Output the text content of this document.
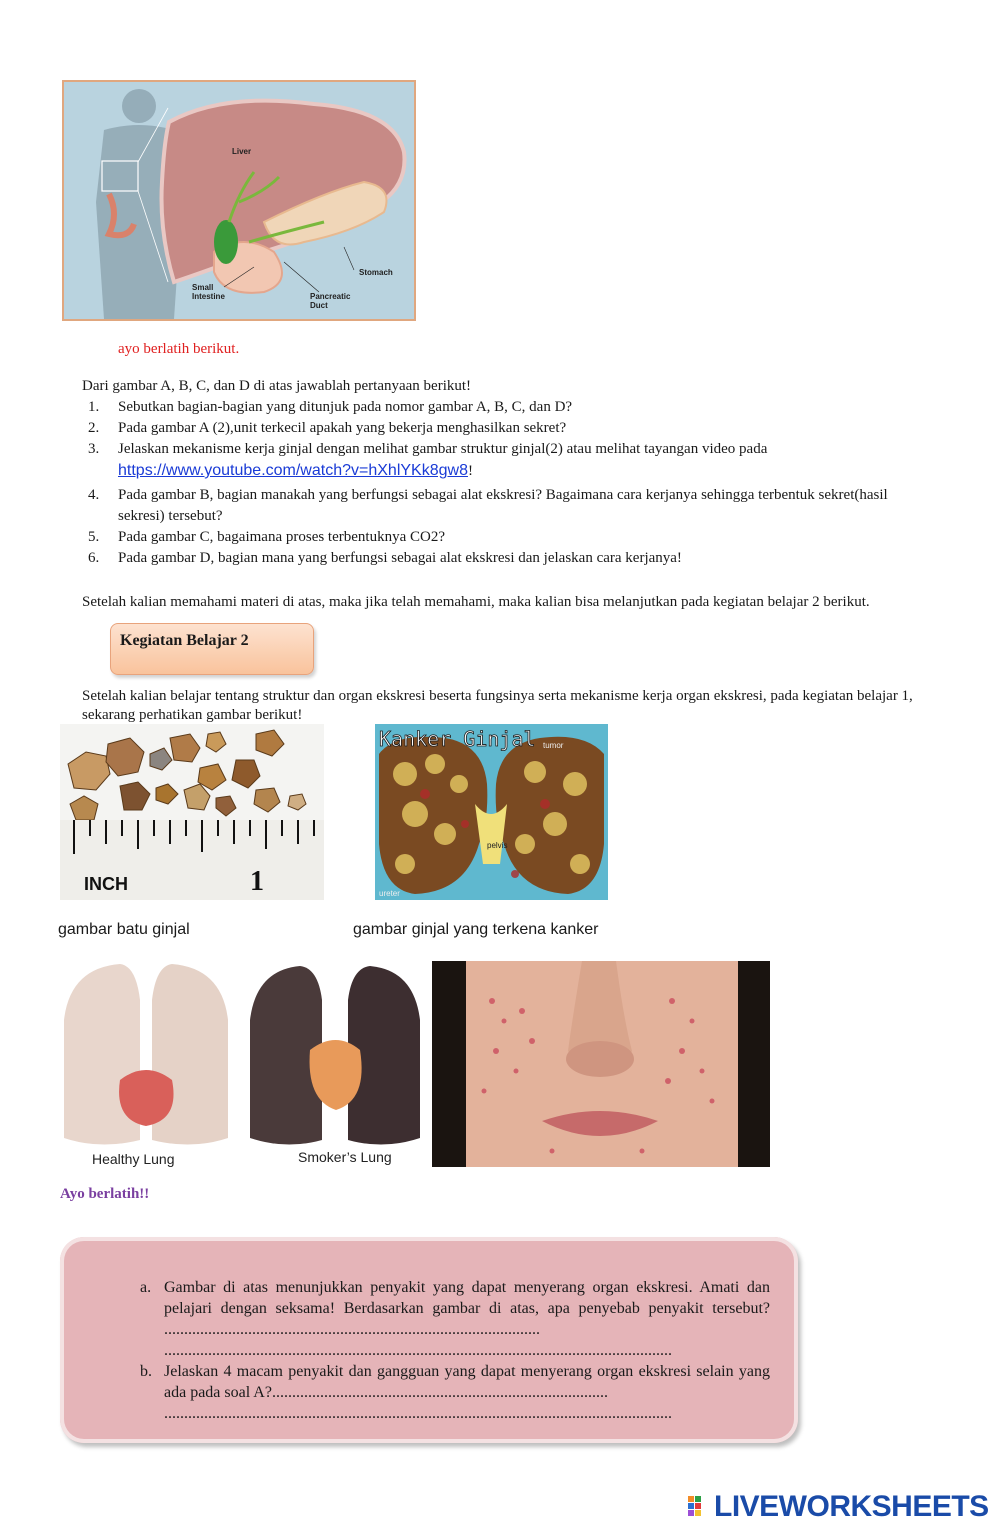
Liver
Stomach
Small
Intestine	Pancreatic
Duct
ayo berlatih berikut.
Dari gambar A, B, C, dan D di atas jawablah pertanyaan berikut!
1. Sebutkan bagian-bagian yang ditunjuk pada nomor gambar A, B, C, dan D?
2. Pada gambar A (2),unit terkecil apakah yang bekerja menghasilkan sekret?
3. Jelaskan mekanisme kerja ginjal dengan melihat gambar struktur ginjal(2) atau melihat tayangan video pada
https://www.youtube.com/watch?v=hXhlYKk8gw8!
4. Pada gambar B, bagian manakah yang berfungsi sebagai alat ekskresi? Bagaimana cara kerjanya sehingga terbentuk sekret(hasil sekresi) tersebut?
5. Pada gambar C, bagaimana proses terbentuknya CO2?
6. Pada gambar D, bagian mana yang berfungsi sebagai alat ekskresi dan jelaskan cara kerjanya!
Setelah kalian memahami materi di atas, maka jika telah memahami, maka kalian bisa melanjutkan pada kegiatan belajar 2 berikut.
Kegiatan Belajar 2
Setelah kalian belajar tentang struktur dan organ ekskresi beserta fungsinya serta mekanisme kerja organ ekskresi, pada kegiatan belajar 1, sekarang perhatikan gambar berikut!
INCH	1
Kanker Ginjal tumor
pelvis
ureter
gambar batu ginjal	gambar ginjal yang terkena kanker
Healthy Lung	Smoker’s Lung
Ayo berlatih!!
a. Gambar di atas menunjukkan penyakit yang dapat menyerang organ ekskresi. Amati dan pelajari dengan seksama! Berdasarkan gambar di atas, apa penyebab penyakit tersebut? ..............................................................................................
...............................................................................................................................
b. Jelaskan 4 macam penyakit dan gangguan yang dapat menyerang organ ekskresi selain yang ada pada soal A?....................................................................................
...............................................................................................................................
LIVEWORKSHEETS
